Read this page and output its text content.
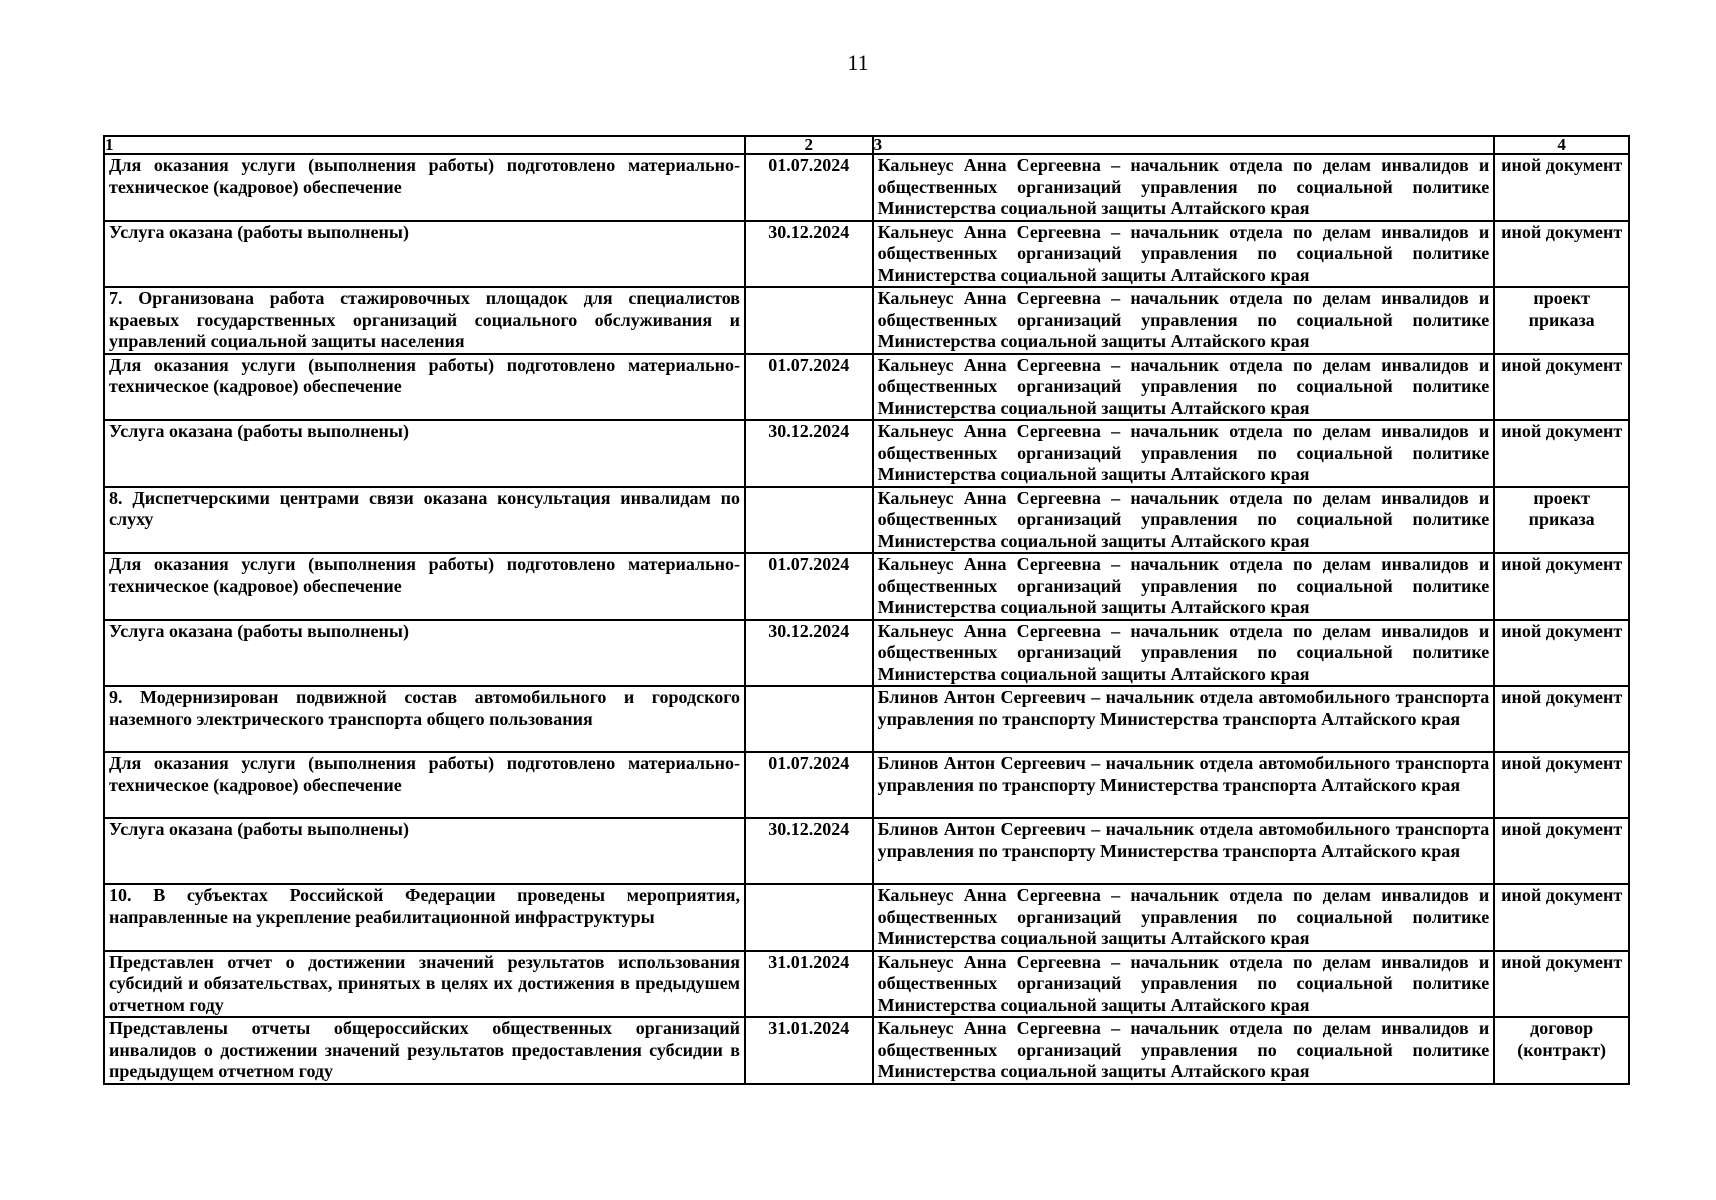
11
1	2	3	4
Для оказания услуги (выполнения работы) подготовлено материально-техническое (кадровое) обеспечение	01.07.2024	Кальнеус Анна Сергеевна – начальник отдела по делам инвалидов и общественных организаций управления по социальной политике Министерства социальной защиты Алтайского края	иной документ
Услуга оказана (работы выполнены)	30.12.2024	Кальнеус Анна Сергеевна – начальник отдела по делам инвалидов и общественных организаций управления по социальной политике Министерства социальной защиты Алтайского края	иной документ
7. Организована работа стажировочных площадок для специалистов краевых государственных организаций социального обслуживания и управлений социальной защиты населения		Кальнеус Анна Сергеевна – начальник отдела по делам инвалидов и общественных организаций управления по социальной политике Министерства социальной защиты Алтайского края	проект приказа
Для оказания услуги (выполнения работы) подготовлено материально-техническое (кадровое) обеспечение	01.07.2024	Кальнеус Анна Сергеевна – начальник отдела по делам инвалидов и общественных организаций управления по социальной политике Министерства социальной защиты Алтайского края	иной документ
Услуга оказана (работы выполнены)	30.12.2024	Кальнеус Анна Сергеевна – начальник отдела по делам инвалидов и общественных организаций управления по социальной политике Министерства социальной защиты Алтайского края	иной документ
8. Диспетчерскими центрами связи оказана консультация инвалидам по слуху		Кальнеус Анна Сергеевна – начальник отдела по делам инвалидов и общественных организаций управления по социальной политике Министерства социальной защиты Алтайского края	проект приказа
Для оказания услуги (выполнения работы) подготовлено материально-техническое (кадровое) обеспечение	01.07.2024	Кальнеус Анна Сергеевна – начальник отдела по делам инвалидов и общественных организаций управления по социальной политике Министерства социальной защиты Алтайского края	иной документ
Услуга оказана (работы выполнены)	30.12.2024	Кальнеус Анна Сергеевна – начальник отдела по делам инвалидов и общественных организаций управления по социальной политике Министерства социальной защиты Алтайского края	иной документ
9. Модернизирован подвижной состав автомобильного и городского наземного электрического транспорта общего пользования		Блинов Антон Сергеевич – начальник отдела автомобильного транспорта управления по транспорту Министерства транспорта Алтайского края	иной документ
Для оказания услуги (выполнения работы) подготовлено материально-техническое (кадровое) обеспечение	01.07.2024	Блинов Антон Сергеевич – начальник отдела автомобильного транспорта управления по транспорту Министерства транспорта Алтайского края	иной документ
Услуга оказана (работы выполнены)	30.12.2024	Блинов Антон Сергеевич – начальник отдела автомобильного транспорта управления по транспорту Министерства транспорта Алтайского края	иной документ
10. В субъектах Российской Федерации проведены мероприятия, направленные на укрепление реабилитационной инфраструктуры		Кальнеус Анна Сергеевна – начальник отдела по делам инвалидов и общественных организаций управления по социальной политике Министерства социальной защиты Алтайского края	иной документ
Представлен отчет о достижении значений результатов использования субсидий и обязательствах, принятых в целях их достижения в предыдушем отчетном году	31.01.2024	Кальнеус Анна Сергеевна – начальник отдела по делам инвалидов и общественных организаций управления по социальной политике Министерства социальной защиты Алтайского края	иной документ
Представлены отчеты общероссийских общественных организаций инвалидов о достижении значений результатов предоставления субсидии в предыдущем отчетном году	31.01.2024	Кальнеус Анна Сергеевна – начальник отдела по делам инвалидов и общественных организаций управления по социальной политике Министерства социальной защиты Алтайского края	договор (контракт)
